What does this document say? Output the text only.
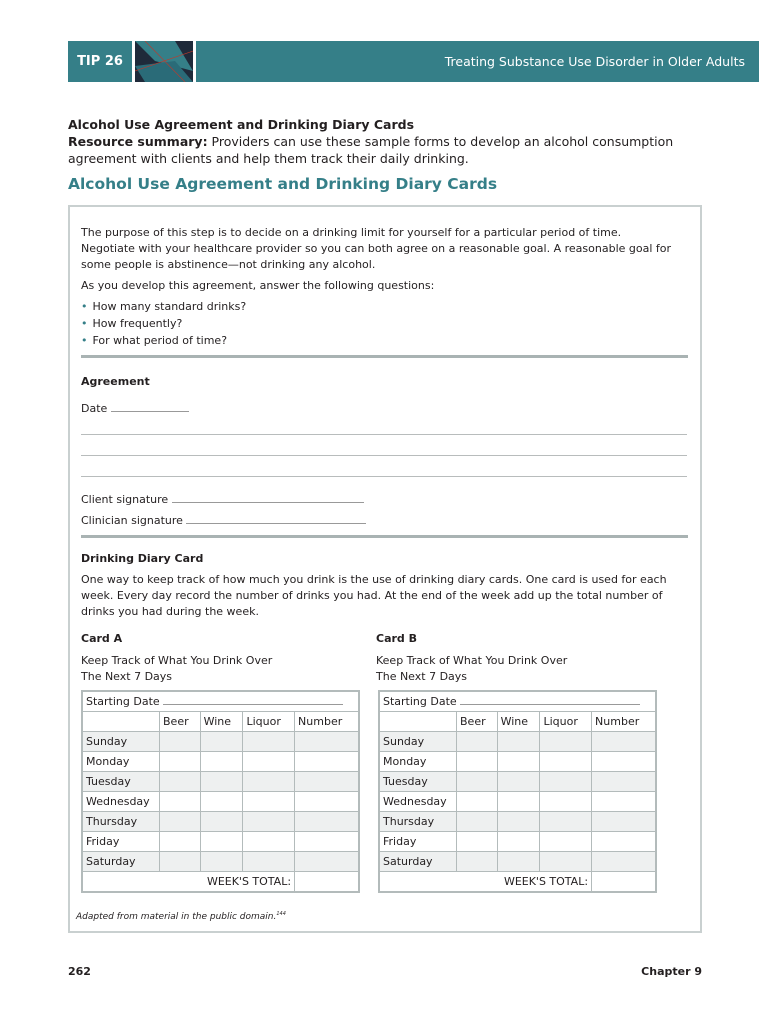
TIP 26	Treating Substance Use Disorder in Older Adults
Alcohol Use Agreement and Drinking Diary Cards
Resource summary: Providers can use these sample forms to develop an alcohol consumption agreement with clients and help them track their daily drinking.
Alcohol Use Agreement and Drinking Diary Cards
The purpose of this step is to decide on a drinking limit for yourself for a particular period of time. Negotiate with your healthcare provider so you can both agree on a reasonable goal. A reasonable goal for some people is abstinence—not drinking any alcohol.
As you develop this agreement, answer the following questions:
• How many standard drinks?
• How frequently?
• For what period of time?
Agreement
Date
Client signature
Clinician signature
Drinking Diary Card
One way to keep track of how much you drink is the use of drinking diary cards. One card is used for each week. Every day record the number of drinks you had. At the end of the week add up the total number of drinks you had during the week.
Card A
Keep Track of What You Drink Over The Next 7 Days
Card B
Keep Track of What You Drink Over The Next 7 Days
Starting Date				
	Beer	Wine	Liquor	Number
Sunday				
Monday				
Tuesday				
Wednesday				
Thursday				
Friday				
Saturday				
WEEK'S TOTAL:				
Starting Date				
	Beer	Wine	Liquor	Number
Sunday				
Monday				
Tuesday				
Wednesday				
Thursday				
Friday				
Saturday				
WEEK'S TOTAL:				
Adapted from material in the public domain.$^{144}$
262	Chapter 9
